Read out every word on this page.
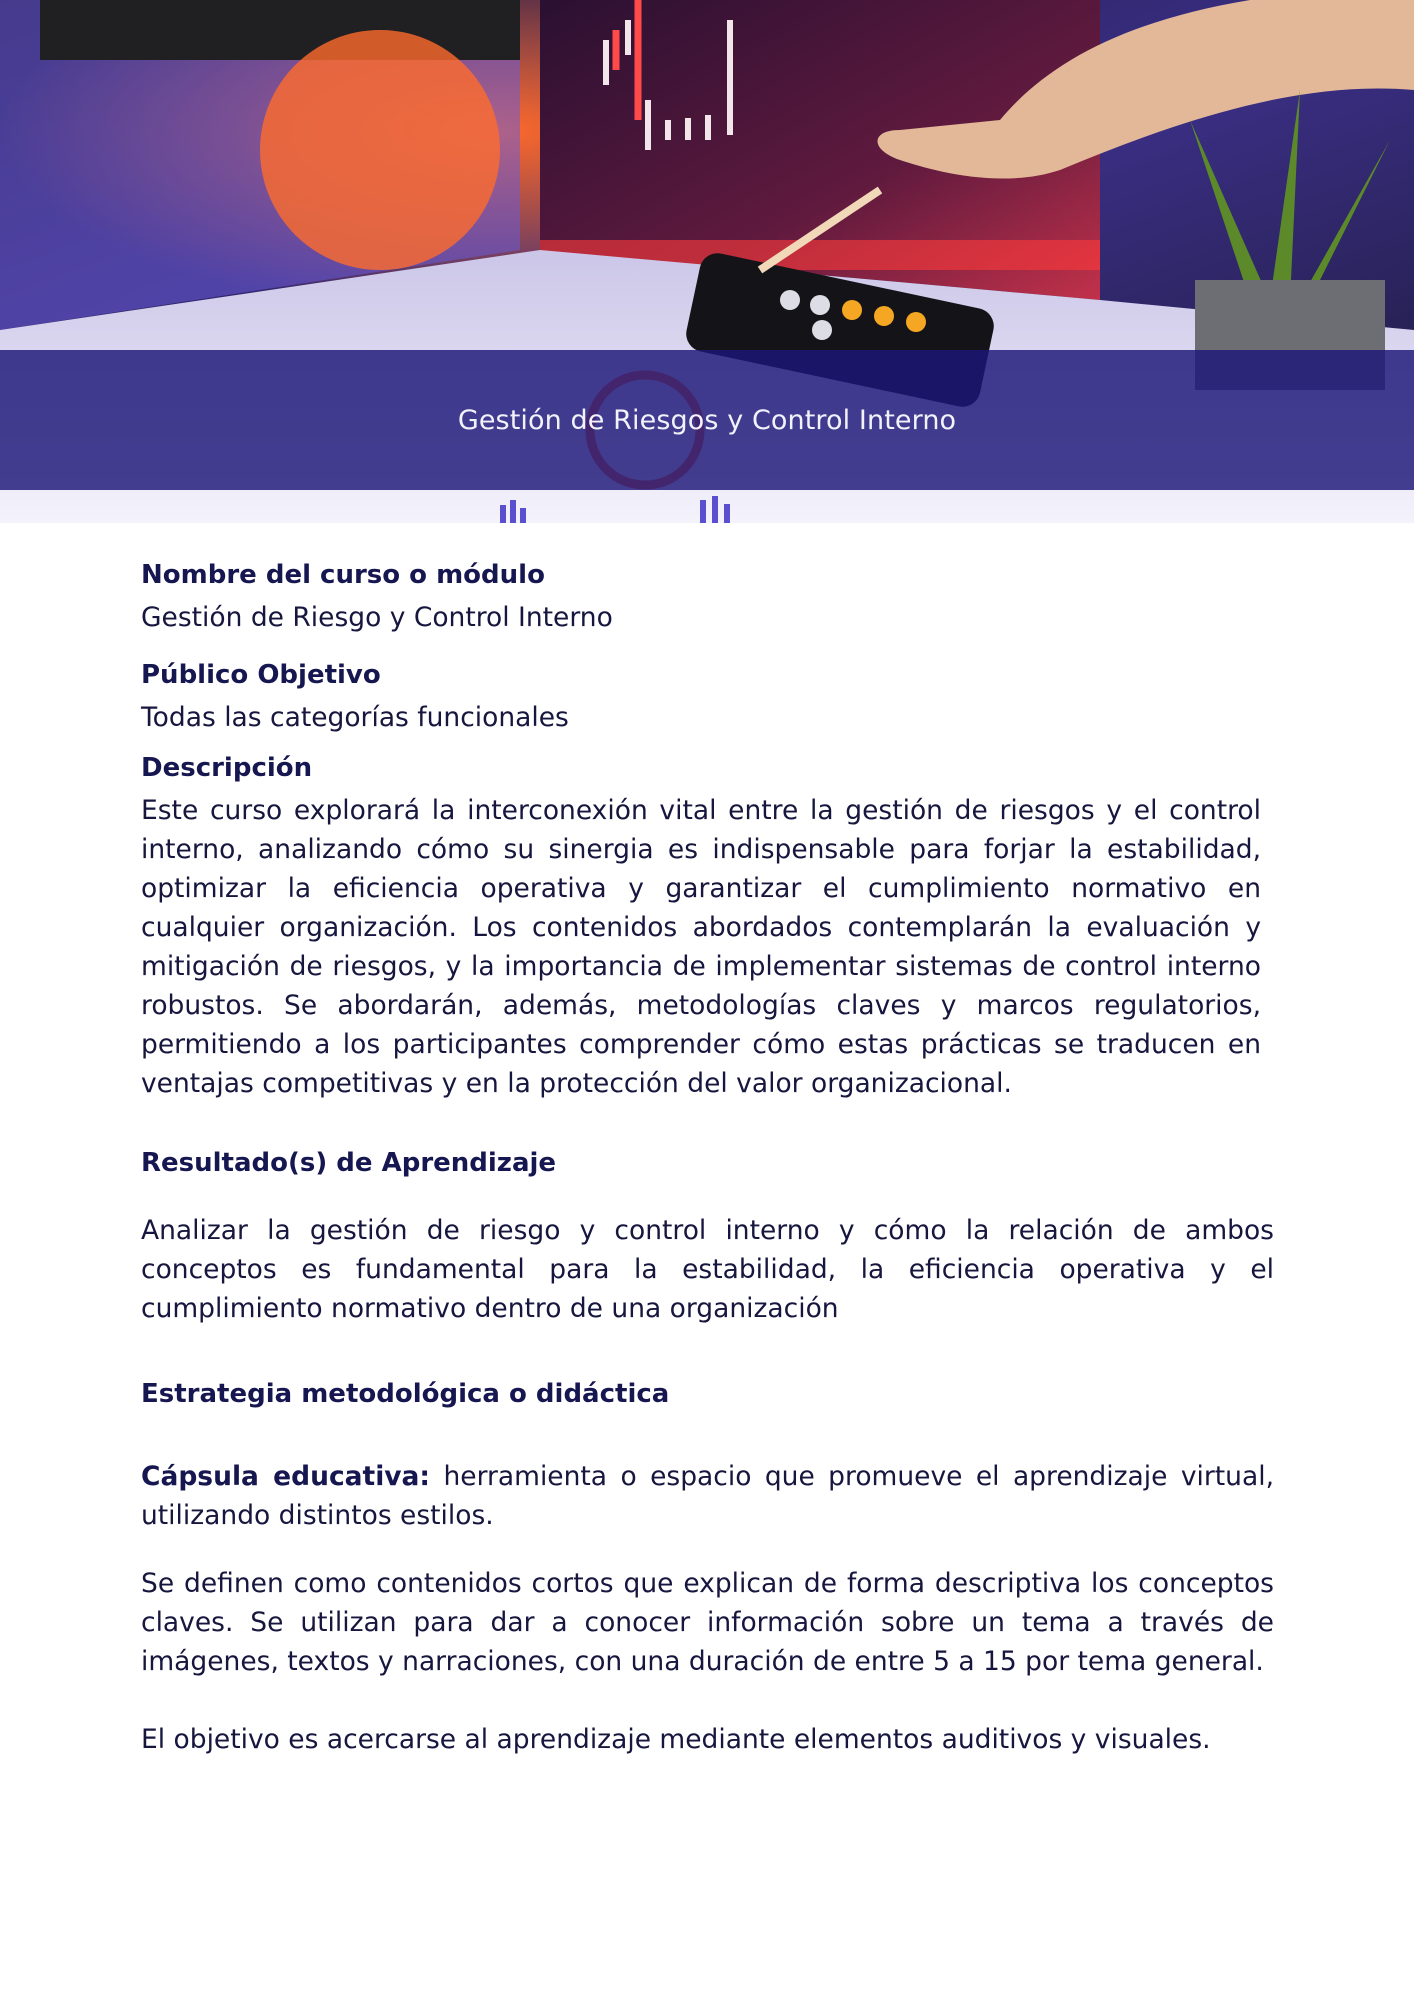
Gestión de Riesgos y Control Interno

Nombre del curso o módulo

Gestión de Riesgo y Control Interno

Público Objetivo

Todas las categorías funcionales

Descripción

Este curso explorará la interconexión vital entre la gestión de riesgos y el control interno, analizando cómo su sinergia es indispensable para forjar la estabilidad, optimizar la eficiencia operativa y garantizar el cumplimiento normativo en cualquier organización. Los contenidos abordados contemplarán la evaluación y mitigación de riesgos, y la importancia de implementar sistemas de control interno robustos. Se abordarán, además, metodologías claves y marcos regulatorios, permitiendo a los participantes comprender cómo estas prácticas se traducen en ventajas competitivas y en la protección del valor organizacional.

Resultado(s) de Aprendizaje

Analizar la gestión de riesgo y control interno y cómo la relación de ambos conceptos es fundamental para la estabilidad, la eficiencia operativa y el cumplimiento normativo dentro de una organización

Estrategia metodológica o didáctica

Cápsula educativa: herramienta o espacio que promueve el aprendizaje virtual, utilizando distintos estilos.

Se definen como contenidos cortos que explican de forma descriptiva los conceptos claves. Se utilizan para dar a conocer información sobre un tema a través de imágenes, textos y narraciones, con una duración de entre 5 a 15 por tema general.

El objetivo es acercarse al aprendizaje mediante elementos auditivos y visuales.
